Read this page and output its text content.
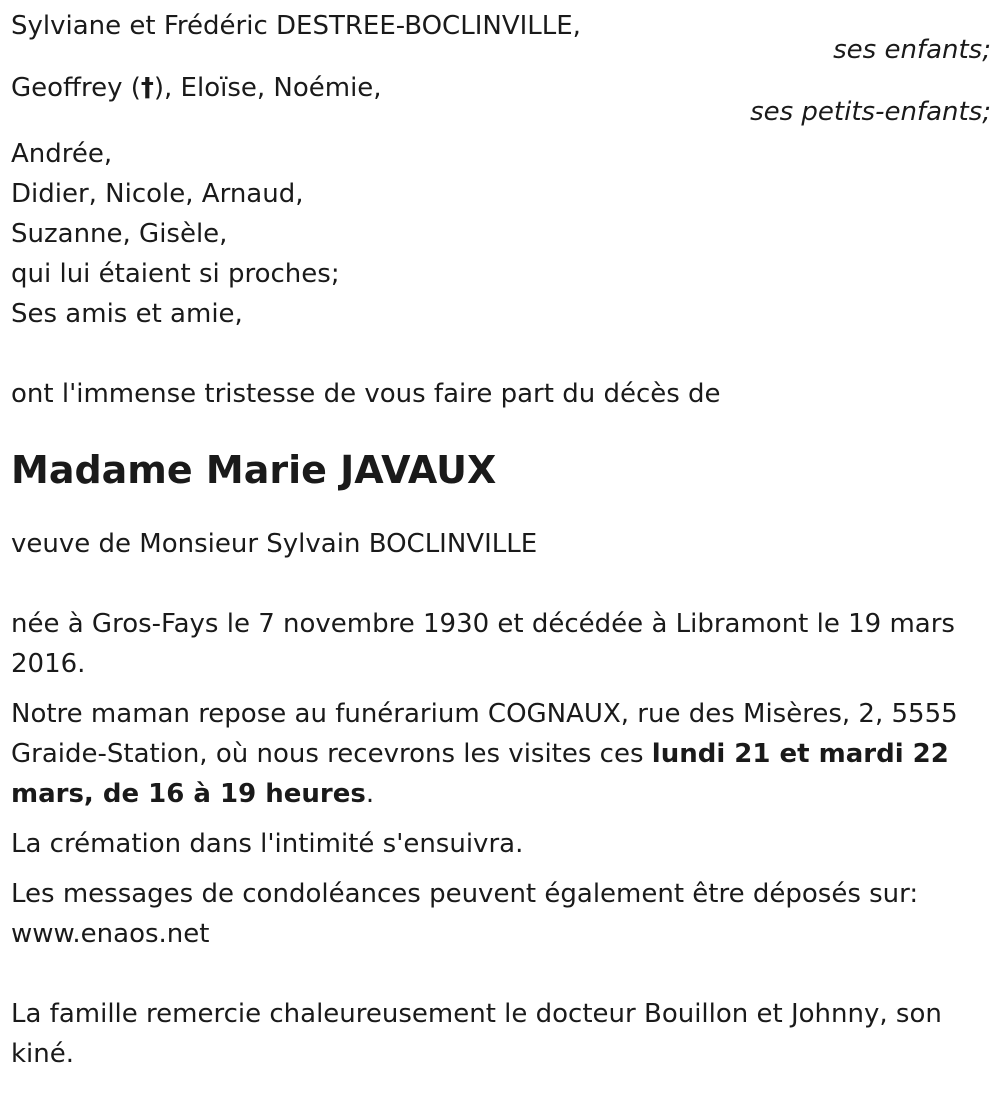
Sylviane et Frédéric DESTREE-BOCLINVILLE,
ses enfants;
Geoffrey (†), Eloïse, Noémie,
ses petits-enfants;
Andrée,
Didier, Nicole, Arnaud,
Suzanne, Gisèle,
qui lui étaient si proches;
Ses amis et amie,
ont l'immense tristesse de vous faire part du décès de
Madame Marie JAVAUX
veuve de Monsieur Sylvain BOCLINVILLE
née à Gros-Fays le 7 novembre 1930 et décédée à Libramont le 19 mars 2016.
Notre maman repose au funérarium COGNAUX, rue des Misères, 2, 5555 Graide-Station, où nous recevrons les visites ces lundi 21 et mardi 22 mars, de 16 à 19 heures.
La crémation dans l'intimité s'ensuivra.
Les messages de condoléances peuvent également être déposés sur: www.enaos.net
La famille remercie chaleureusement le docteur Bouillon et Johnny, son kiné.
